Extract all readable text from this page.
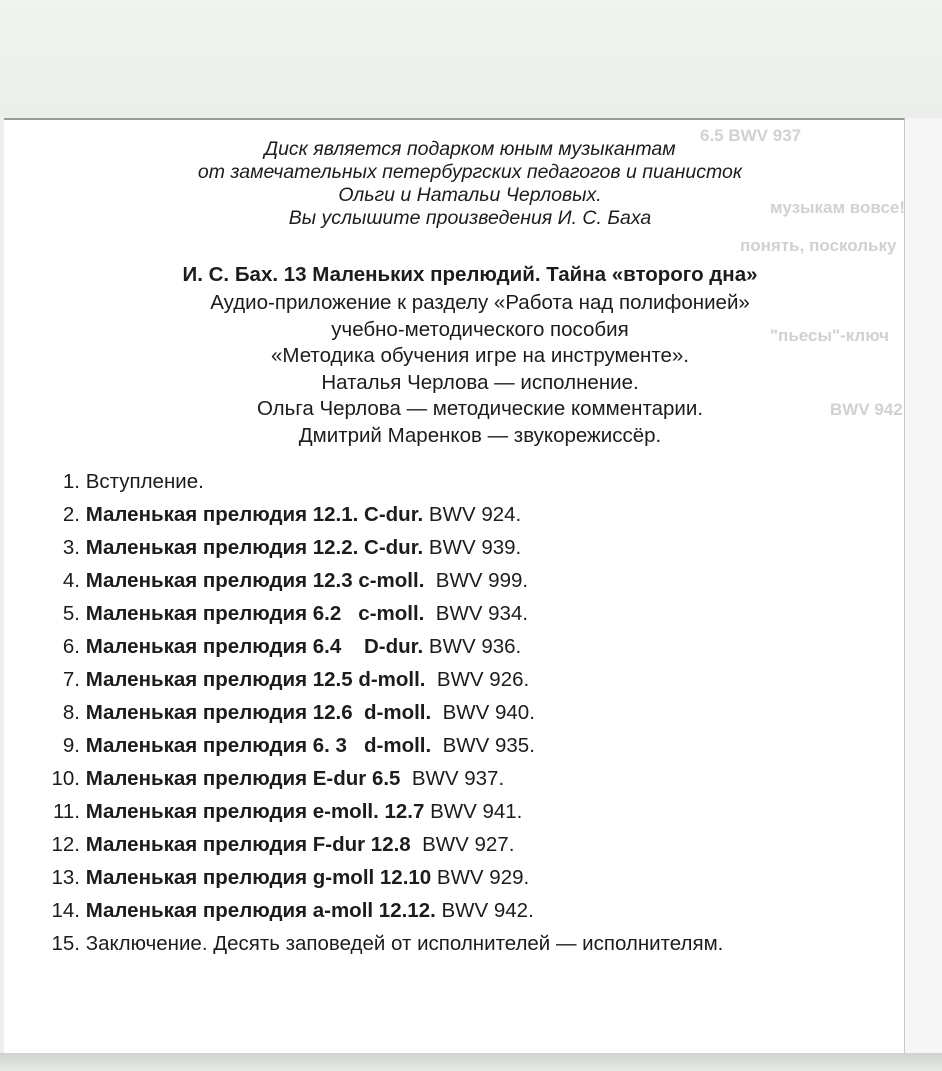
6.5 BWV 937
музыкам вовсе!
понять, поскольку
"пьесы"-ключ
BWV 942
Диск является подарком юным музыкантам
от замечательных петербургских педагогов и пианисток
Ольги и Натальи Черловых.
Вы услышите произведения И. С. Баха
И. С. Бах. 13 Маленьких прелюдий. Тайна «второго дна»
Аудио-приложение к разделу «Работа над полифонией»
учебно-методического пособия
«Методика обучения игре на инструменте».
Наталья Черлова — исполнение.
Ольга Черлова — методические комментарии.
Дмитрий Маренков — звукорежиссёр.
1. Вступление.
2. Маленькая прелюдия 12.1. C-dur. BWV 924.
3. Маленькая прелюдия 12.2. C-dur. BWV 939.
4. Маленькая прелюдия 12.3 c-moll.  BWV 999.
5. Маленькая прелюдия 6.2   c-moll.  BWV 934.
6. Маленькая прелюдия 6.4    D-dur. BWV 936.
7. Маленькая прелюдия 12.5 d-moll.  BWV 926.
8. Маленькая прелюдия 12.6  d-moll.  BWV 940.
9. Маленькая прелюдия 6. 3   d-moll.  BWV 935.
10. Маленькая прелюдия E-dur 6.5  BWV 937.
11. Маленькая прелюдия e-moll. 12.7 BWV 941.
12. Маленькая прелюдия F-dur 12.8  BWV 927.
13. Маленькая прелюдия g-moll 12.10 BWV 929.
14. Маленькая прелюдия a-moll 12.12. BWV 942.
15. Заключение. Десять заповедей от исполнителей — исполнителям.
